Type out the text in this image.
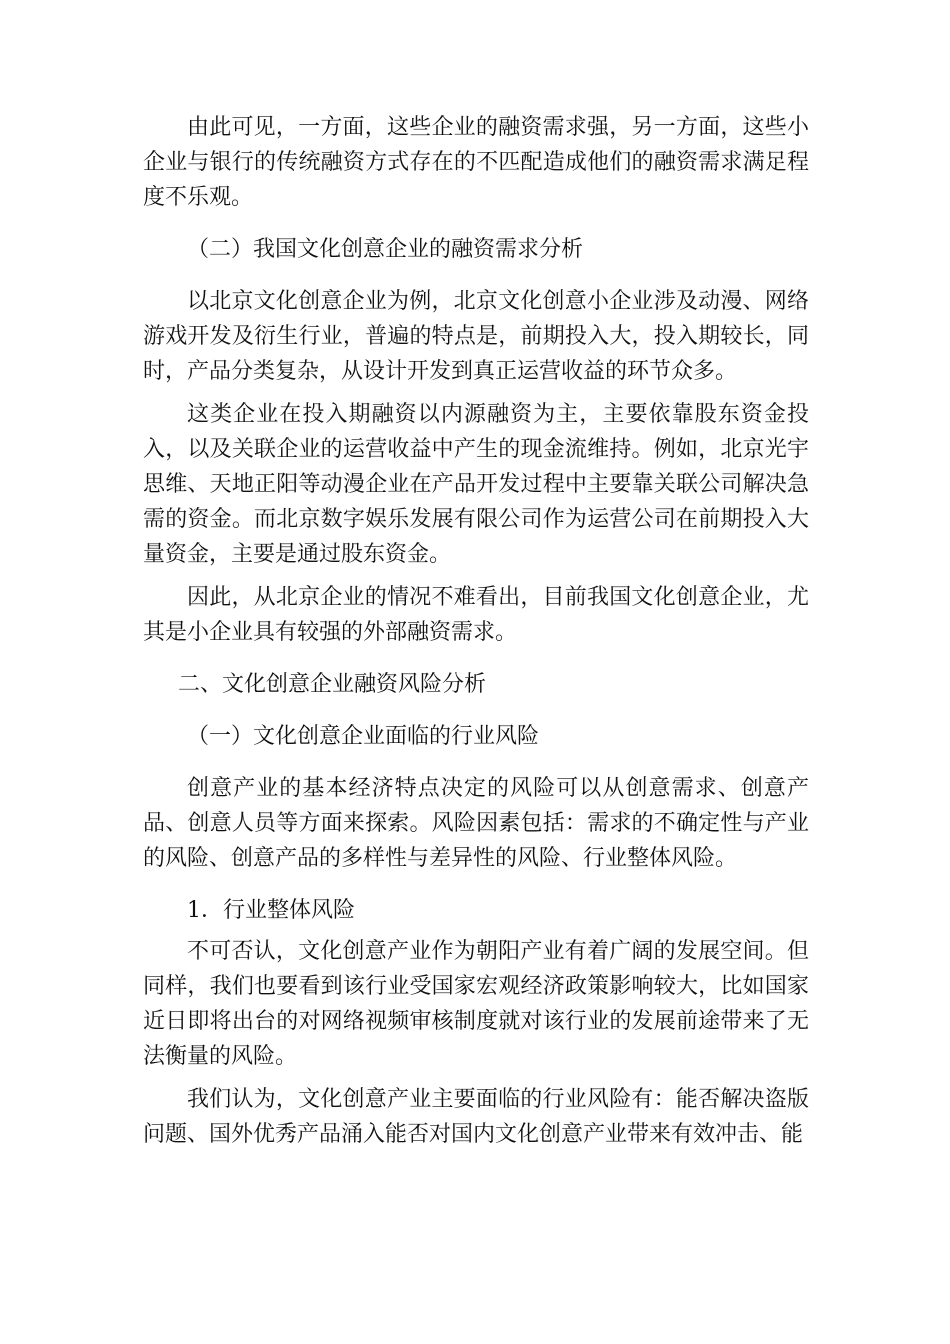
由此可见，一方面，这些企业的融资需求强，另一方面，这些小企业与银行的传统融资方式存在的不匹配造成他们的融资需求满足程度不乐观。

（二）我国文化创意企业的融资需求分析

以北京文化创意企业为例，北京文化创意小企业涉及动漫、网络游戏开发及衍生行业，普遍的特点是，前期投入大，投入期较长，同时，产品分类复杂，从设计开发到真正运营收益的环节众多。

这类企业在投入期融资以内源融资为主，主要依靠股东资金投入，以及关联企业的运营收益中产生的现金流维持。例如，北京光宇思维、天地正阳等动漫企业在产品开发过程中主要靠关联公司解决急需的资金。而北京数字娱乐发展有限公司作为运营公司在前期投入大量资金，主要是通过股东资金。

因此，从北京企业的情况不难看出，目前我国文化创意企业，尤其是小企业具有较强的外部融资需求。

二、文化创意企业融资风险分析

（一）文化创意企业面临的行业风险

创意产业的基本经济特点决定的风险可以从创意需求、创意产品、创意人员等方面来探索。风险因素包括：需求的不确定性与产业的风险、创意产品的多样性与差异性的风险、行业整体风险。

1．行业整体风险

不可否认，文化创意产业作为朝阳产业有着广阔的发展空间。但同样，我们也要看到该行业受国家宏观经济政策影响较大，比如国家近日即将出台的对网络视频审核制度就对该行业的发展前途带来了无法衡量的风险。

我们认为，文化创意产业主要面临的行业风险有：能否解决盗版问题、国外优秀产品涌入能否对国内文化创意产业带来有效冲击、能
